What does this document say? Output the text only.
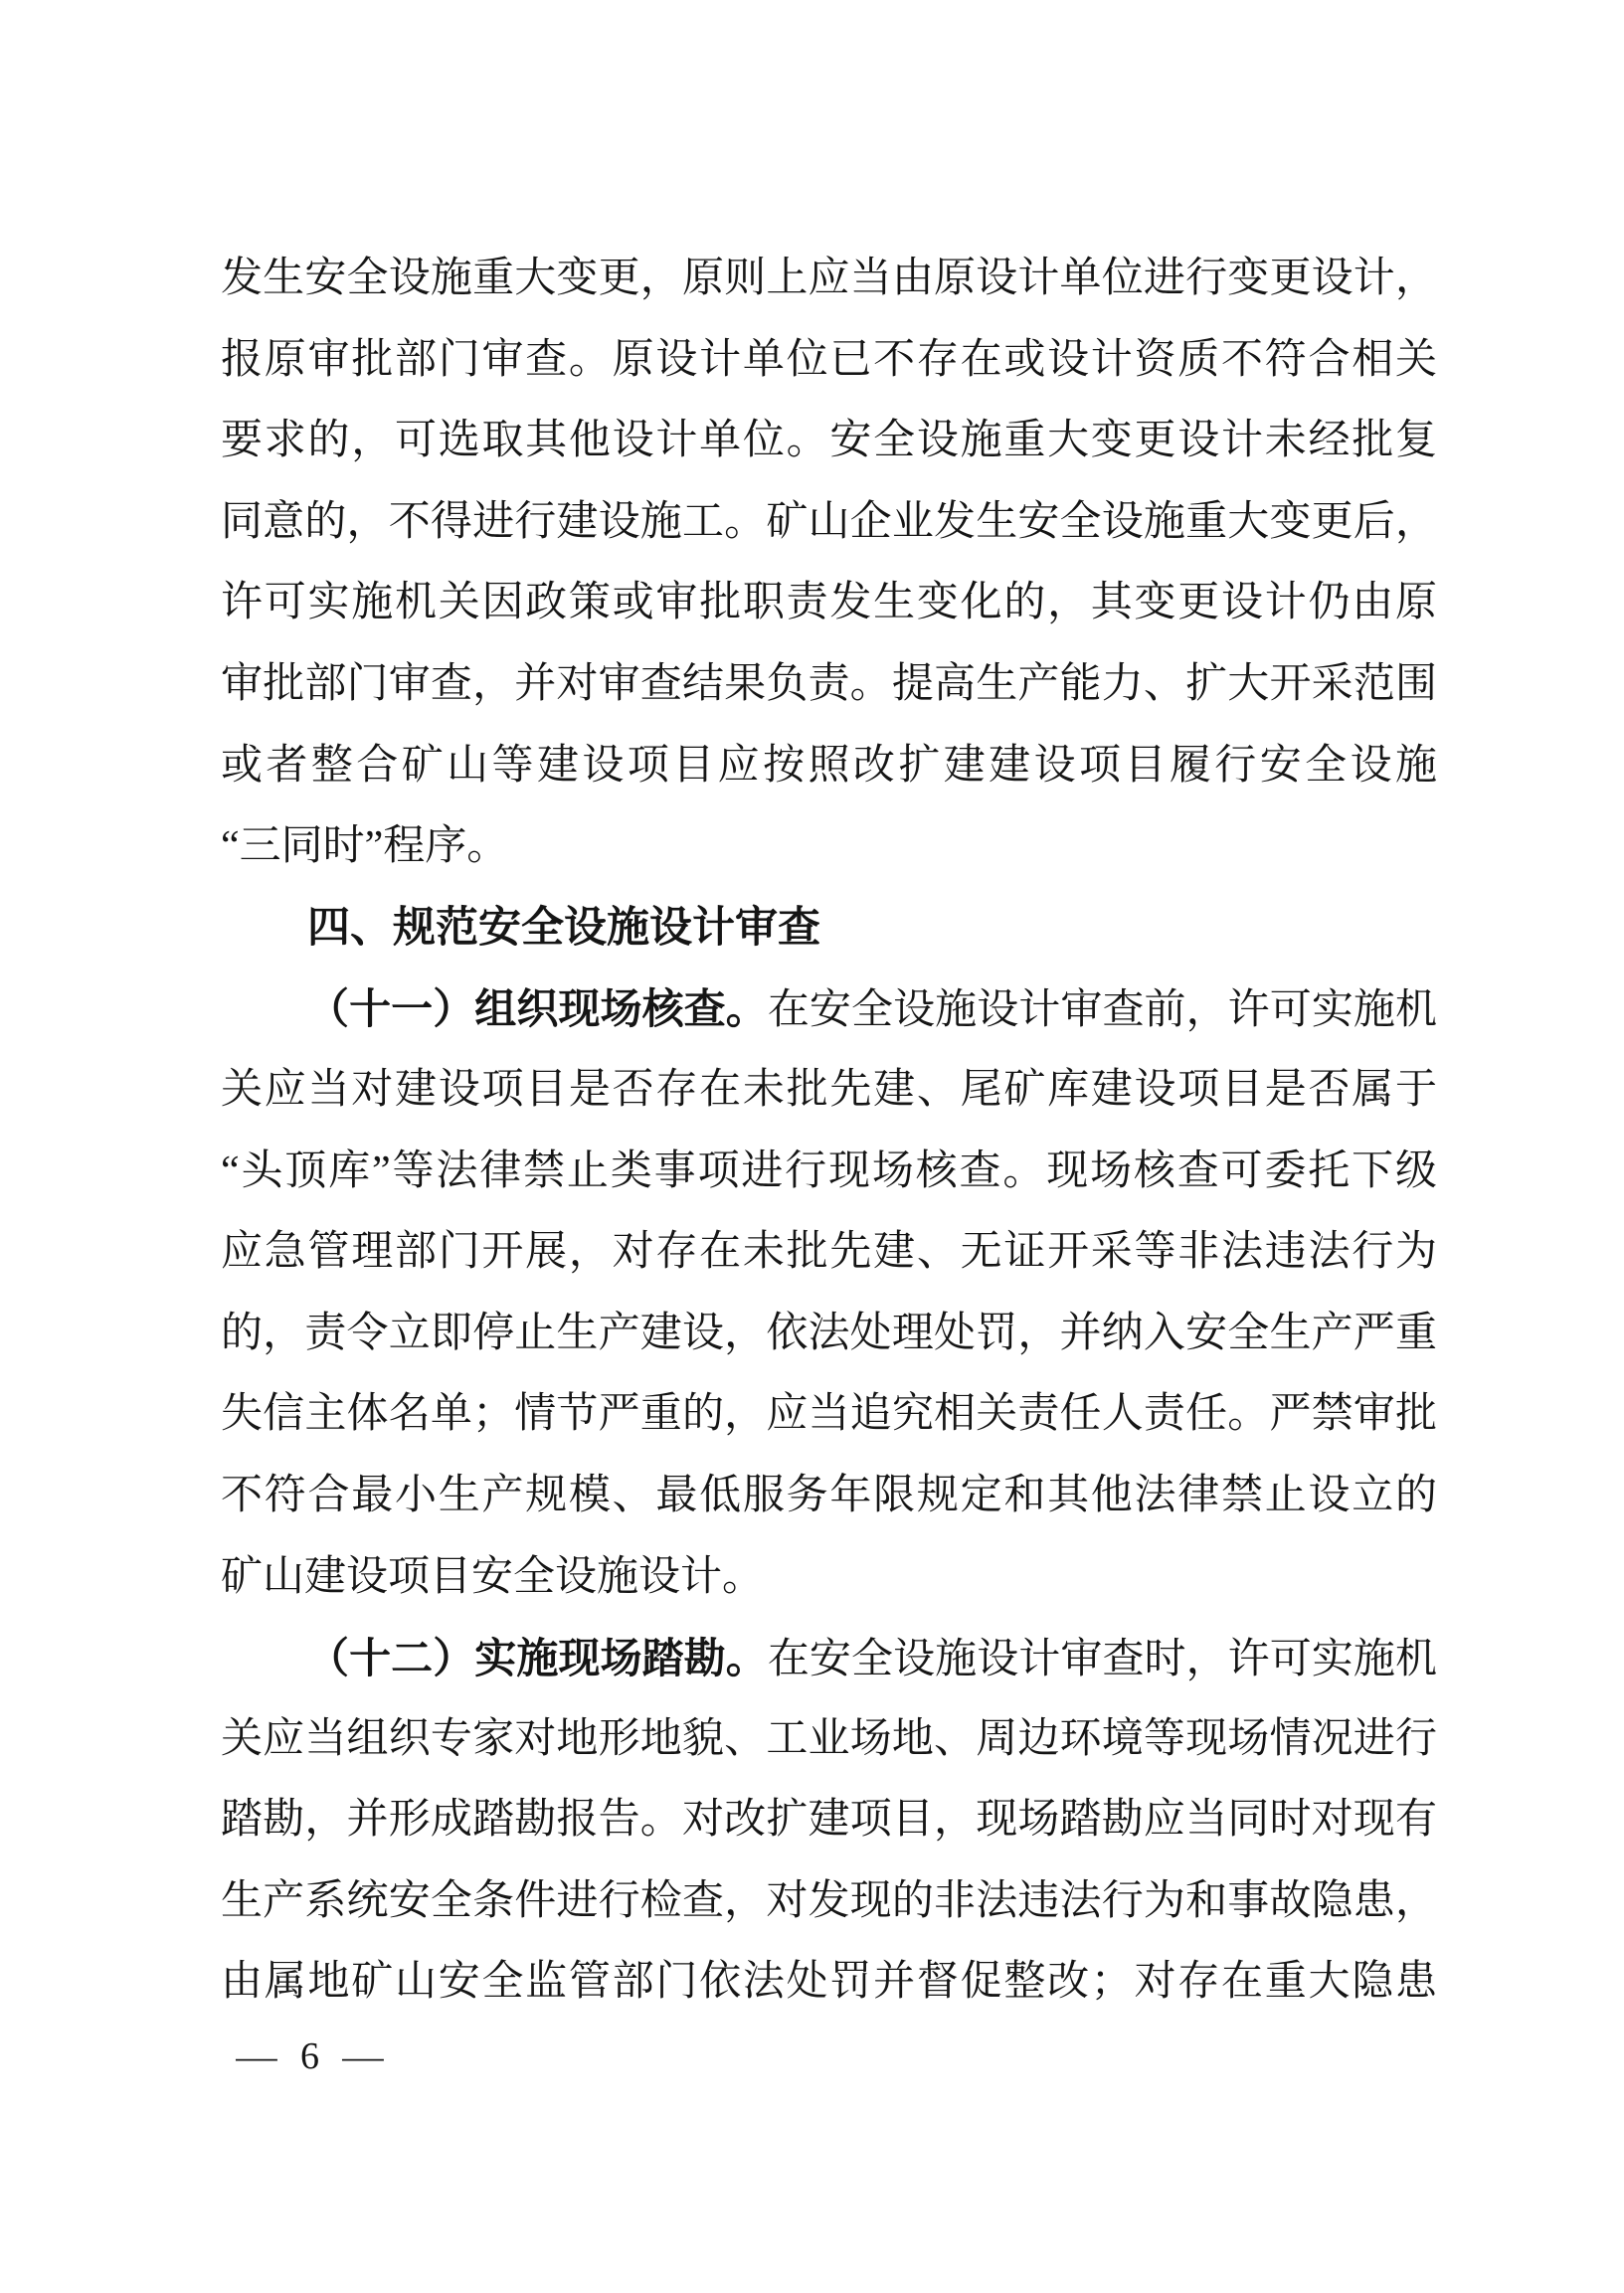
发生安全设施重大变更，原则上应当由原设计单位进行变更设计，

报原审批部门审查。原设计单位已不存在或设计资质不符合相关

要求的，可选取其他设计单位。安全设施重大变更设计未经批复

同意的，不得进行建设施工。矿山企业发生安全设施重大变更后，

许可实施机关因政策或审批职责发生变化的，其变更设计仍由原

审批部门审查，并对审查结果负责。提高生产能力、扩大开采范围

或者整合矿山等建设项目应按照改扩建建设项目履行安全设施

“三同时”程序。

四、规范安全设施设计审查

（十一）组织现场核查。在安全设施设计审查前，许可实施机

关应当对建设项目是否存在未批先建、尾矿库建设项目是否属于

“头顶库”等法律禁止类事项进行现场核查。现场核查可委托下级

应急管理部门开展，对存在未批先建、无证开采等非法违法行为

的，责令立即停止生产建设，依法处理处罚，并纳入安全生产严重

失信主体名单；情节严重的，应当追究相关责任人责任。严禁审批

不符合最小生产规模、最低服务年限规定和其他法律禁止设立的

矿山建设项目安全设施设计。

（十二）实施现场踏勘。在安全设施设计审查时，许可实施机

关应当组织专家对地形地貌、工业场地、周边环境等现场情况进行

踏勘，并形成踏勘报告。对改扩建项目，现场踏勘应当同时对现有

生产系统安全条件进行检查，对发现的非法违法行为和事故隐患，

由属地矿山安全监管部门依法处罚并督促整改；对存在重大隐患

— 6 —
